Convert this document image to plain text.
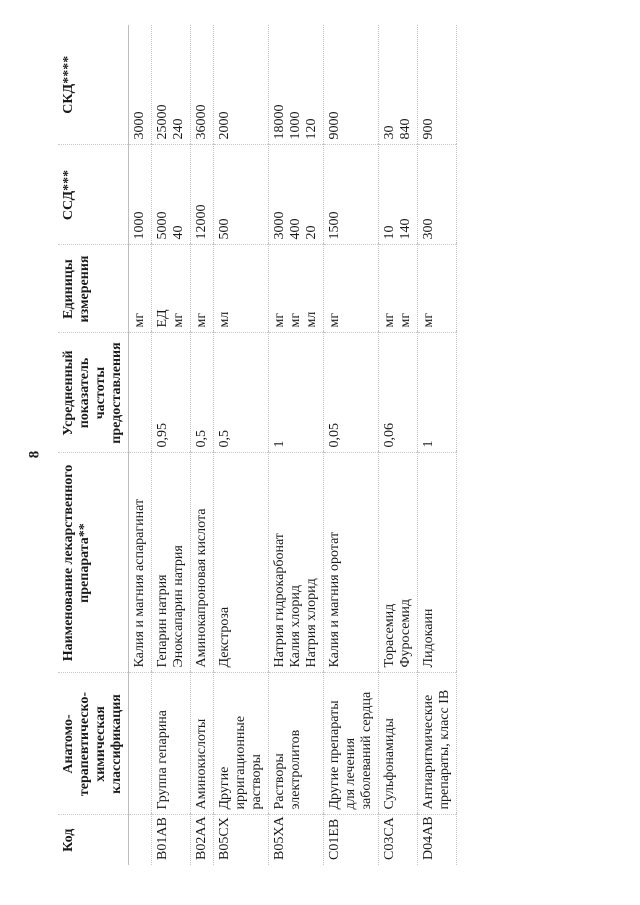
8
Код	Анатомо-терапевтическо-химическая классификация	Наименование лекарственного препарата**	Усредненный показатель частоты предоставления	Единицы измерения	ССД***	СКД****

		Калия и магния аспарагинат		мг	1000	3000

B01AB	Группа гепарина	Гепарин натрия Эноксапарин натрия	0,95	ЕД мг	5000 40	25000 240

B02AA	Аминокислоты	Аминокапроновая кислота	0,5	мг	12000	36000

B05CX	Другие ирригационные растворы	Декстроза	0,5	мл	500	2000

B05XA	Растворы электролитов	Натрия гидрокарбонат Калия хлорид Натрия хлорид	1	мг мг мл	3000 400 20	18000 1000 120

C01EB	Другие препараты для лечения заболеваний сердца	Калия и магния оротат	0,05	мг	1500	9000

C03CA	Сульфонамиды	Торасемид Фуросемид	0,06	мг мг	10 140	30 840

D04AB	Антиаритмические препараты, класс IB	Лидокаин	1	мг	300	900
